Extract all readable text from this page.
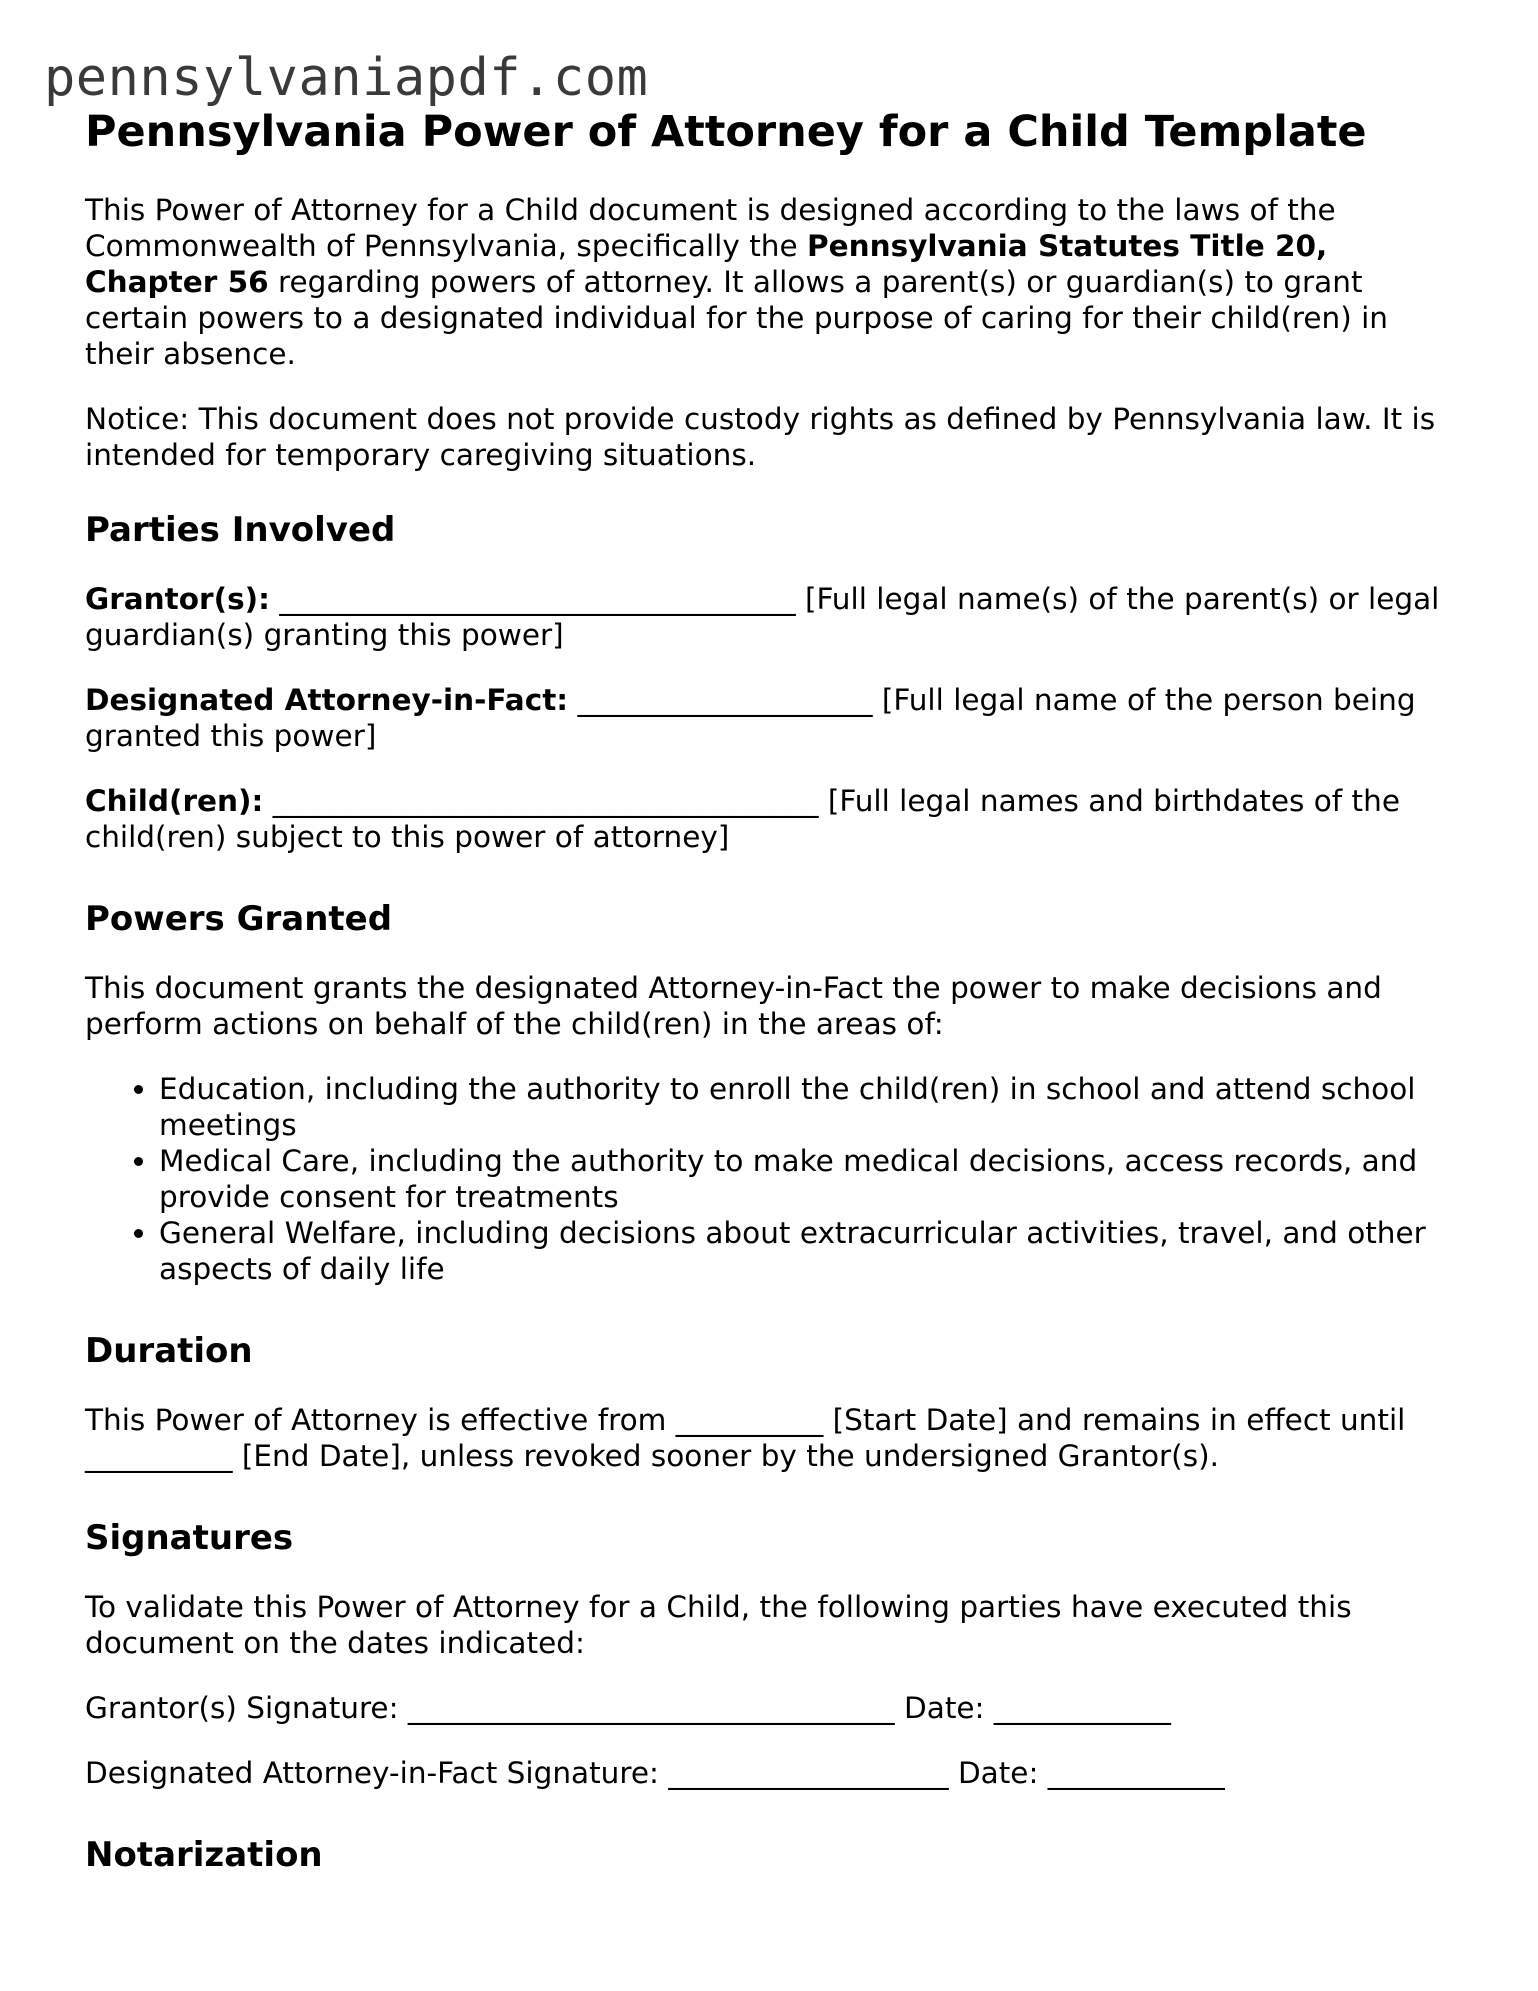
pennsylvaniapdf.com
Pennsylvania Power of Attorney for a Child Template

This Power of Attorney for a Child document is designed according to the laws of the Commonwealth of Pennsylvania, specifically the Pennsylvania Statutes Title 20, Chapter 56 regarding powers of attorney. It allows a parent(s) or guardian(s) to grant certain powers to a designated individual for the purpose of caring for their child(ren) in their absence.

Notice: This document does not provide custody rights as defined by Pennsylvania law. It is intended for temporary caregiving situations.

Parties Involved

Grantor(s): ___________________________________ [Full legal name(s) of the parent(s) or legal guardian(s) granting this power]

Designated Attorney-in-Fact: ____________________ [Full legal name of the person being granted this power]

Child(ren): _____________________________________ [Full legal names and birthdates of the child(ren) subject to this power of attorney]

Powers Granted

This document grants the designated Attorney-in-Fact the power to make decisions and perform actions on behalf of the child(ren) in the areas of:

• Education, including the authority to enroll the child(ren) in school and attend school meetings
• Medical Care, including the authority to make medical decisions, access records, and provide consent for treatments
• General Welfare, including decisions about extracurricular activities, travel, and other aspects of daily life
Duration

This Power of Attorney is effective from __________ [Start Date] and remains in effect until __________ [End Date], unless revoked sooner by the undersigned Grantor(s).

Signatures

To validate this Power of Attorney for a Child, the following parties have executed this document on the dates indicated:

Grantor(s) Signature: _________________________________ Date: ____________

Designated Attorney-in-Fact Signature: ___________________ Date: ____________

Notarization
